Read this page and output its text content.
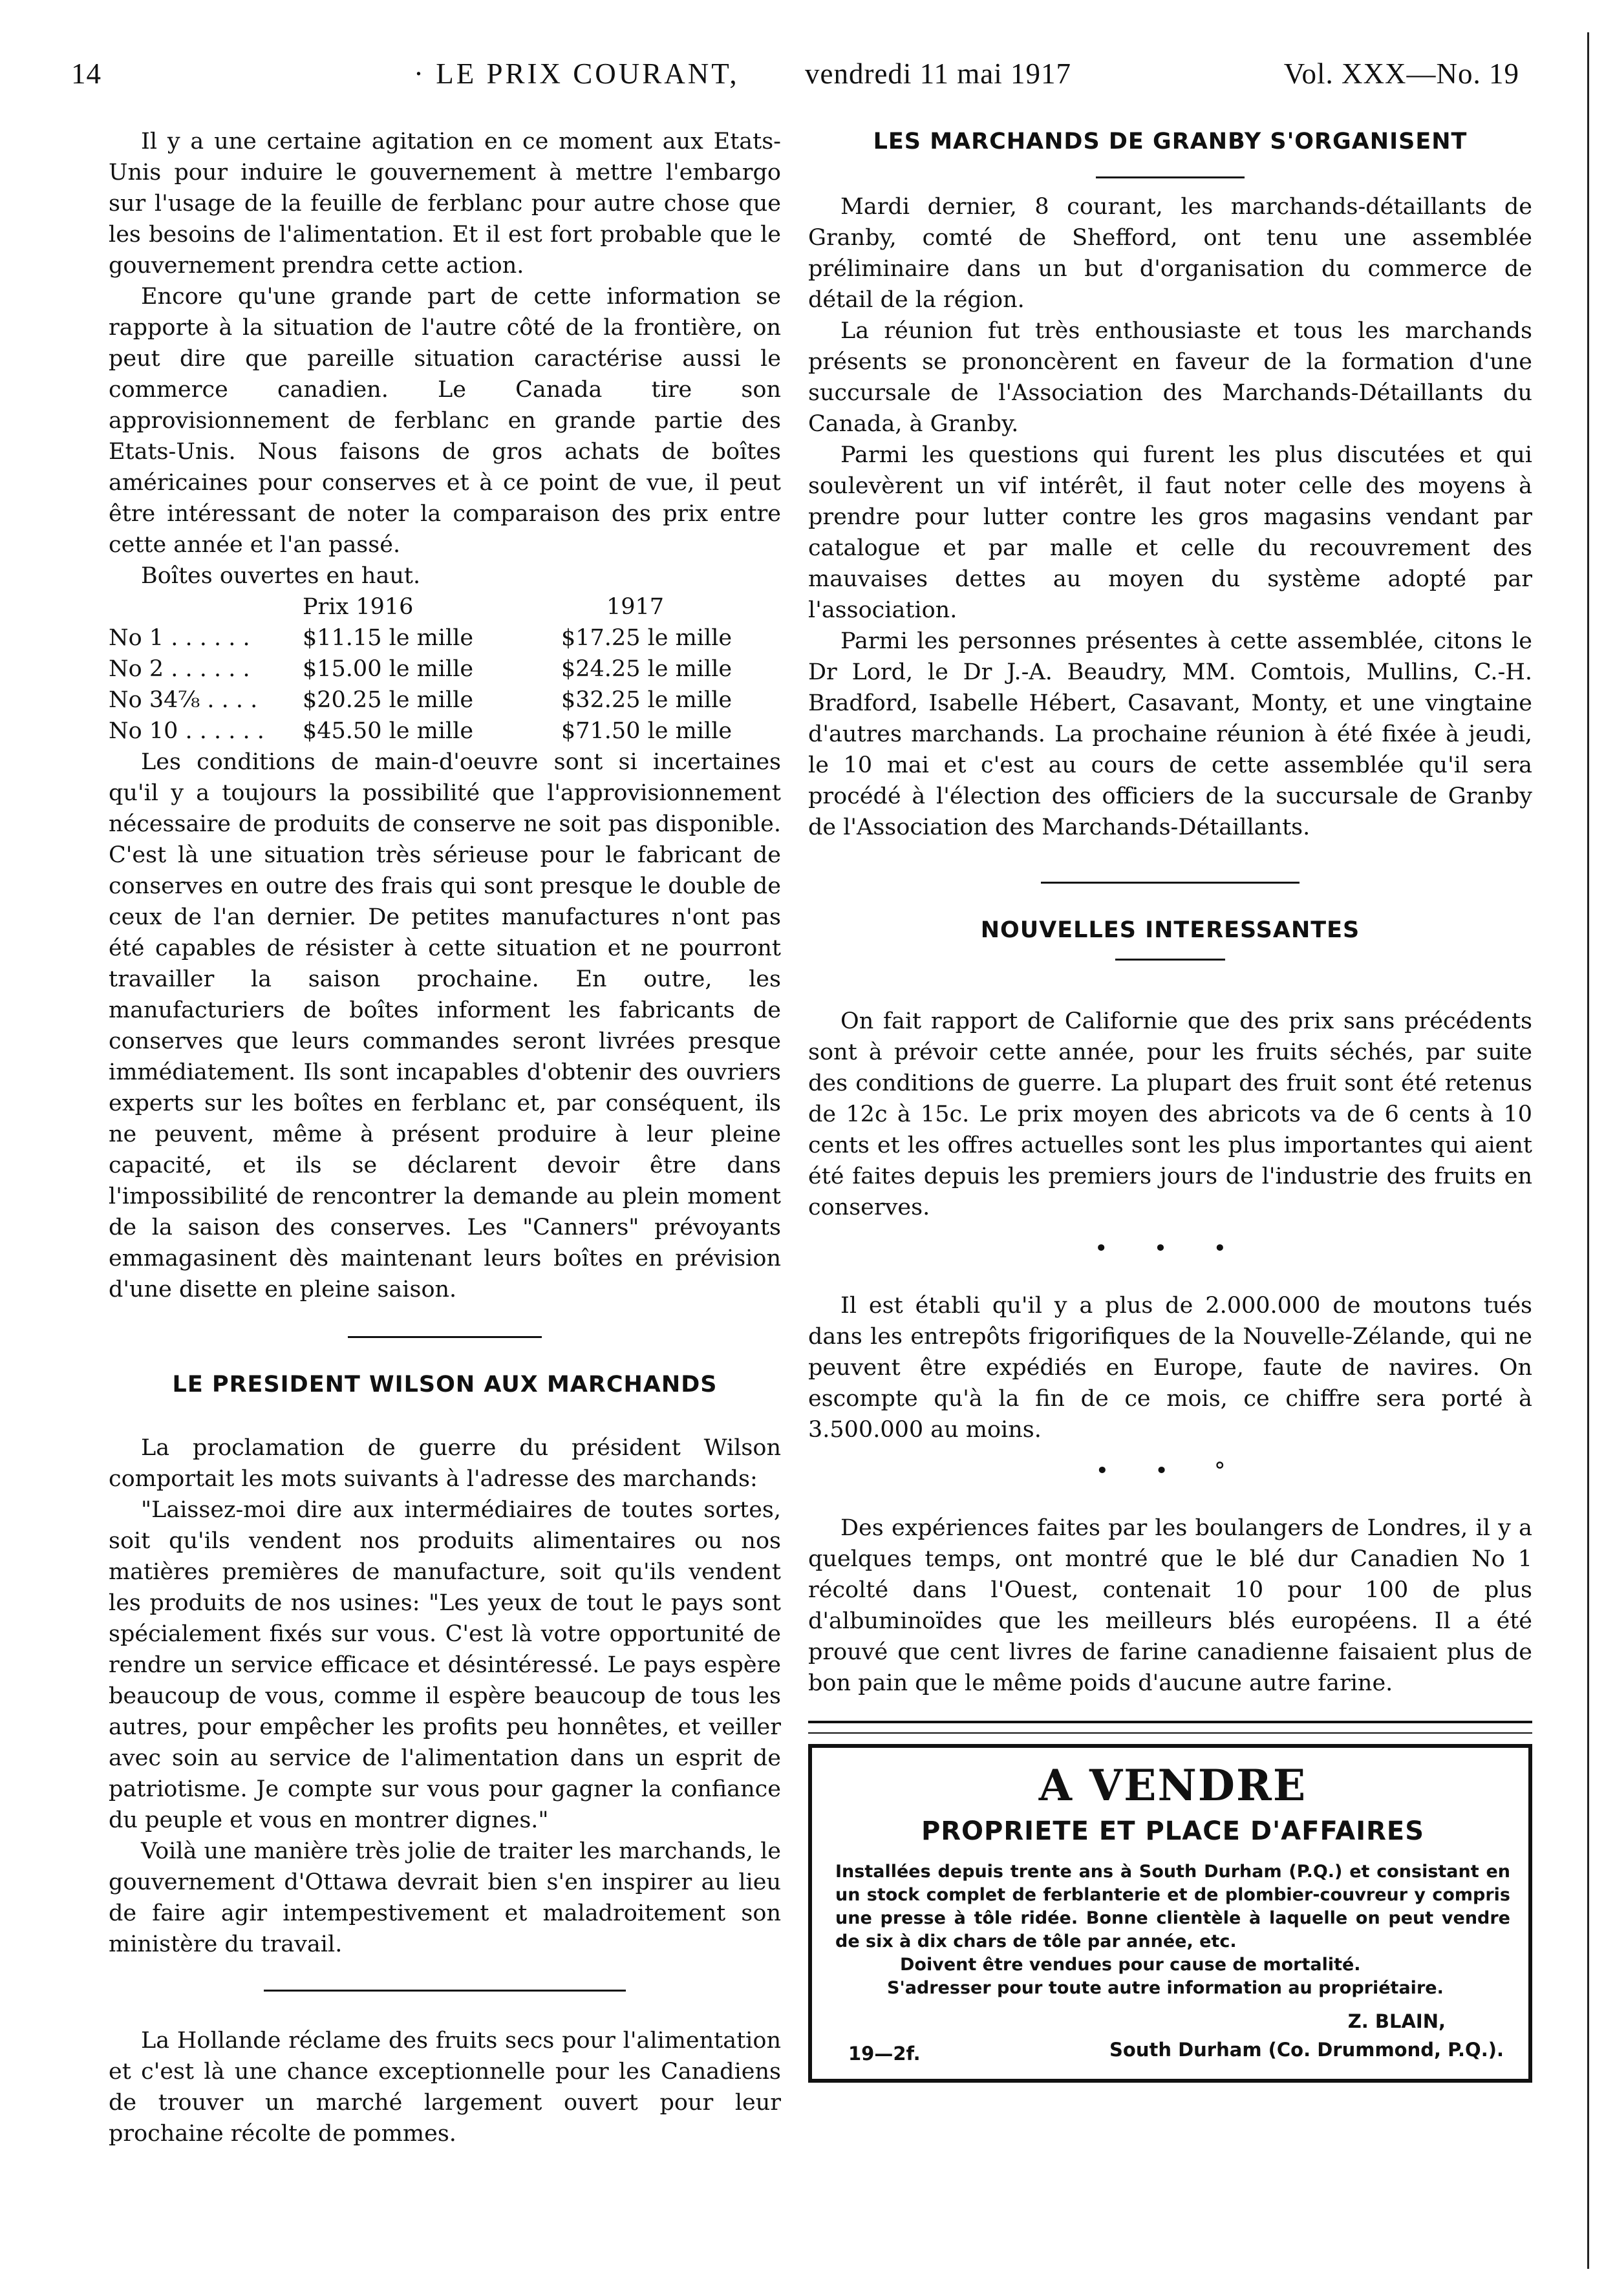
14	· LE PRIX COURANT, vendredi 11 mai 1917	Vol. XXX—No. 19

Il y a une certaine agitation en ce moment aux Etats-Unis pour induire le gouvernement à mettre l'embargo sur l'usage de la feuille de ferblanc pour autre chose que les besoins de l'alimentation. Et il est fort probable que le gouvernement prendra cette action.

Encore qu'une grande part de cette information se rapporte à la situation de l'autre côté de la frontière, on peut dire que pareille situation caractérise aussi le commerce canadien. Le Canada tire son approvisionnement de ferblanc en grande partie des Etats-Unis. Nous faisons de gros achats de boîtes américaines pour conserves et à ce point de vue, il peut être intéressant de noter la comparaison des prix entre cette année et l'an passé.

Boîtes ouvertes en haut.
	Prix 1916	1917
No 1 . . . . . .	$11.15 le mille	$17.25 le mille
No 2 . . . . . .	$15.00 le mille	$24.25 le mille
No 34⅞ . . . .	$20.25 le mille	$32.25 le mille
No 10 . . . . . .	$45.50 le mille	$71.50 le mille

Les conditions de main-d'oeuvre sont si incertaines qu'il y a toujours la possibilité que l'approvisionnement nécessaire de produits de conserve ne soit pas disponible. C'est là une situation très sérieuse pour le fabricant de conserves en outre des frais qui sont presque le double de ceux de l'an dernier. De petites manufactures n'ont pas été capables de résister à cette situation et ne pourront travailler la saison prochaine. En outre, les manufacturiers de boîtes informent les fabricants de conserves que leurs commandes seront livrées presque immédiatement. Ils sont incapables d'obtenir des ouvriers experts sur les boîtes en ferblanc et, par conséquent, ils ne peuvent, même à présent produire à leur pleine capacité, et ils se déclarent devoir être dans l'impossibilité de rencontrer la demande au plein moment de la saison des conserves. Les "Canners" prévoyants emmagasinent dès maintenant leurs boîtes en prévision d'une disette en pleine saison.

LE PRESIDENT WILSON AUX MARCHANDS

La proclamation de guerre du président Wilson comportait les mots suivants à l'adresse des marchands:

"Laissez-moi dire aux intermédiaires de toutes sortes, soit qu'ils vendent nos produits alimentaires ou nos matières premières de manufacture, soit qu'ils vendent les produits de nos usines: "Les yeux de tout le pays sont spécialement fixés sur vous. C'est là votre opportunité de rendre un service efficace et désintéressé. Le pays espère beaucoup de vous, comme il espère beaucoup de tous les autres, pour empêcher les profits peu honnêtes, et veiller avec soin au service de l'alimentation dans un esprit de patriotisme. Je compte sur vous pour gagner la confiance du peuple et vous en montrer dignes."

Voilà une manière très jolie de traiter les marchands, le gouvernement d'Ottawa devrait bien s'en inspirer au lieu de faire agir intempestivement et maladroitement son ministère du travail.

La Hollande réclame des fruits secs pour l'alimentation et c'est là une chance exceptionnelle pour les Canadiens de trouver un marché largement ouvert pour leur prochaine récolte de pommes.

LES MARCHANDS DE GRANBY S'ORGANISENT

Mardi dernier, 8 courant, les marchands-détaillants de Granby, comté de Shefford, ont tenu une assemblée préliminaire dans un but d'organisation du commerce de détail de la région.

La réunion fut très enthousiaste et tous les marchands présents se prononcèrent en faveur de la formation d'une succursale de l'Association des Marchands-Détaillants du Canada, à Granby.

Parmi les questions qui furent les plus discutées et qui soulevèrent un vif intérêt, il faut noter celle des moyens à prendre pour lutter contre les gros magasins vendant par catalogue et par malle et celle du recouvrement des mauvaises dettes au moyen du système adopté par l'association.

Parmi les personnes présentes à cette assemblée, citons le Dr Lord, le Dr J.-A. Beaudry, MM. Comtois, Mullins, C.-H. Bradford, Isabelle Hébert, Casavant, Monty, et une vingtaine d'autres marchands. La prochaine réunion à été fixée à jeudi, le 10 mai et c'est au cours de cette assemblée qu'il sera procédé à l'élection des officiers de la succursale de Granby de l'Association des Marchands-Détaillants.

NOUVELLES INTERESSANTES

On fait rapport de Californie que des prix sans précédents sont à prévoir cette année, pour les fruits séchés, par suite des conditions de guerre. La plupart des fruit sont été retenus de 12c à 15c. Le prix moyen des abricots va de 6 cents à 10 cents et les offres actuelles sont les plus importantes qui aient été faites depuis les premiers jours de l'industrie des fruits en conserves.

• • •

Il est établi qu'il y a plus de 2.000.000 de moutons tués dans les entrepôts frigorifiques de la Nouvelle-Zélande, qui ne peuvent être expédiés en Europe, faute de navires. On escompte qu'à la fin de ce mois, ce chiffre sera porté à 3.500.000 au moins.

• • °

Des expériences faites par les boulangers de Londres, il y a quelques temps, ont montré que le blé dur Canadien No 1 récolté dans l'Ouest, contenait 10 pour 100 de plus d'albuminoïdes que les meilleurs blés européens. Il a été prouvé que cent livres de farine canadienne faisaient plus de bon pain que le même poids d'aucune autre farine.

A VENDRE
PROPRIETE ET PLACE D'AFFAIRES

Installées depuis trente ans à South Durham (P.Q.) et consistant en un stock complet de ferblanterie et de plombier-couvreur y compris une presse à tôle ridée. Bonne clientèle à laquelle on peut vendre de six à dix chars de tôle par année, etc.

Doivent être vendues pour cause de mortalité.
S'adresser pour toute autre information au propriétaire.
Z. BLAIN,
South Durham (Co. Drummond, P.Q.).
19—2f.
